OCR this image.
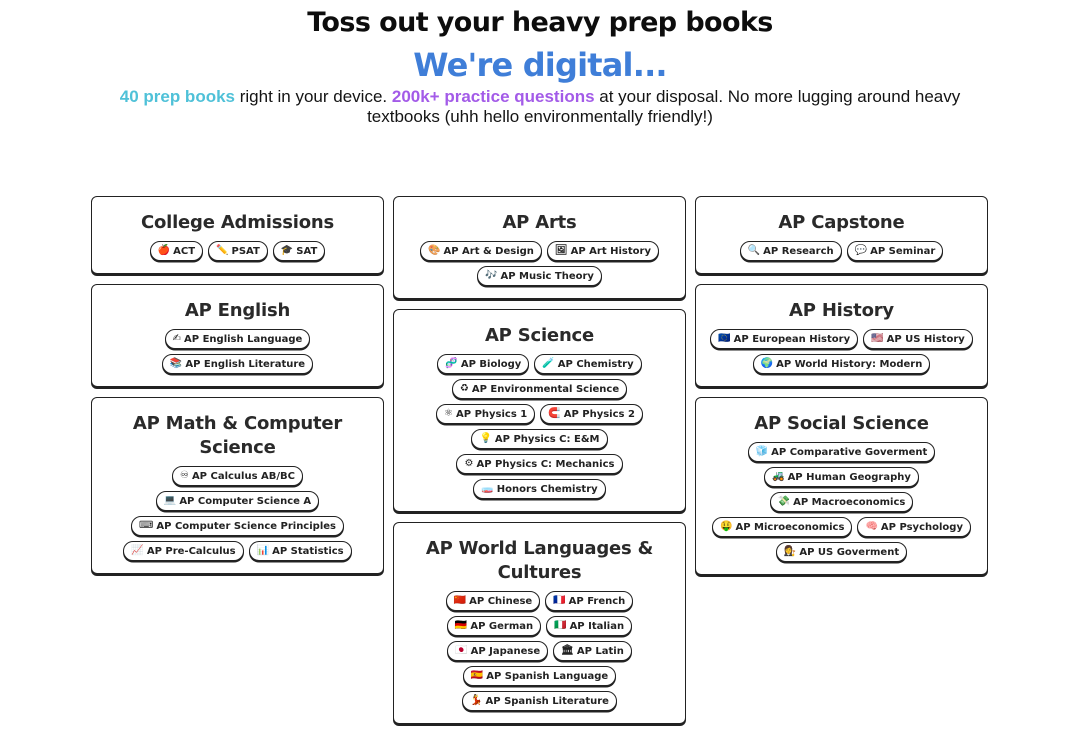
Toss out your heavy prep books
We're digital...

40 prep books right in your device. 200k+ practice questions at your disposal. No more lugging around heavy textbooks (uhh hello environmentally friendly!)

College Admissions
🍎 ACT ✏️ PSAT 🎓 SAT
AP English
✍ AP English Language
📚 AP English Literature
AP Math & Computer Science
♾ AP Calculus AB/BC
💻 AP Computer Science A
⌨ AP Computer Science Principles
📈 AP Pre-Calculus 📊 AP Statistics
AP Arts
🎨 AP Art & Design 🖼 AP Art History
🎶 AP Music Theory
AP Science
🧬 AP Biology 🧪 AP Chemistry
♻ AP Environmental Science
⚛ AP Physics 1 🧲 AP Physics 2
💡 AP Physics C: E&M
⚙ AP Physics C: Mechanics
🧫 Honors Chemistry
AP World Languages & Cultures
🇨🇳 AP Chinese 🇫🇷 AP French
🇩🇪 AP German 🇮🇹 AP Italian
🇯🇵 AP Japanese 🏛 AP Latin
🇪🇸 AP Spanish Language
💃 AP Spanish Literature
AP Capstone
🔍 AP Research 💬 AP Seminar
AP History
🇪🇺 AP European History 🇺🇸 AP US History
🌍 AP World History: Modern
AP Social Science
🧊 AP Comparative Goverment
🚜 AP Human Geography
💸 AP Macroeconomics
🤑 AP Microeconomics 🧠 AP Psychology
👩‍⚖️ AP US Goverment
